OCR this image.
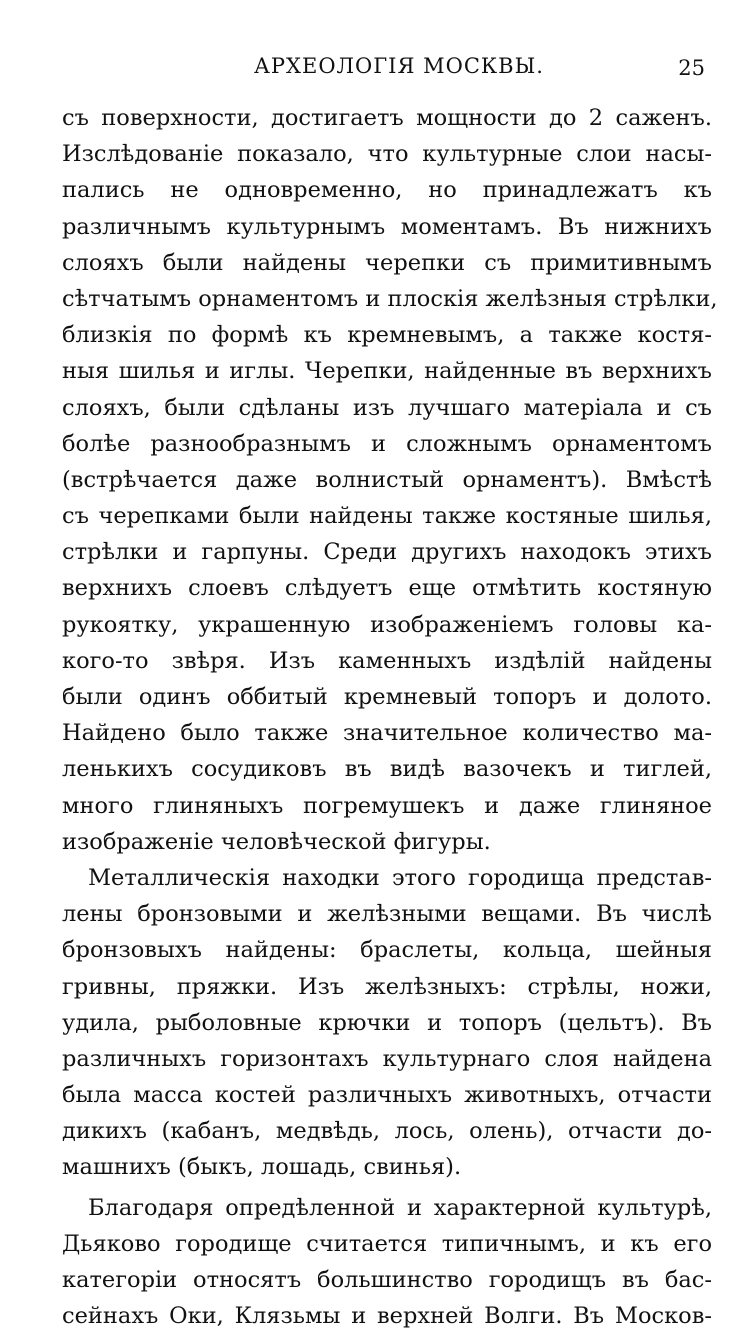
АРХЕОЛОГІЯ МОСКВЫ.	25
съ поверхности, достигаетъ мощности до 2 саженъ.
Изслѣдованіе показало, что культурные слои насы-
пались не одновременно, но принадлежатъ къ
различнымъ культурнымъ моментамъ. Въ нижнихъ
слояхъ были найдены черепки съ примитивнымъ
сѣтчатымъ орнаментомъ и плоскія желѣзныя стрѣлки,
близкія по формѣ къ кремневымъ, а также костя-
ныя шилья и иглы. Черепки, найденные въ верхнихъ
слояхъ, были сдѣланы изъ лучшаго матеріала и съ
болѣе разнообразнымъ и сложнымъ орнаментомъ
(встрѣчается даже волнистый орнаментъ). Вмѣстѣ
съ черепками были найдены также костяные шилья,
стрѣлки и гарпуны. Среди другихъ находокъ этихъ
верхнихъ слоевъ слѣдуетъ еще отмѣтить костяную
рукоятку, украшенную изображеніемъ головы ка-
кого-то звѣря. Изъ каменныхъ издѣлій найдены
были одинъ оббитый кремневый топоръ и долото.
Найдено было также значительное количество ма-
ленькихъ сосудиковъ въ видѣ вазочекъ и тиглей,
много глиняныхъ погремушекъ и даже глиняное
изображеніе человѣческой фигуры.
Металлическія находки этого городища представ-
лены бронзовыми и желѣзными вещами. Въ числѣ
бронзовыхъ найдены: браслеты, кольца, шейныя
гривны, пряжки. Изъ желѣзныхъ: стрѣлы, ножи,
удила, рыболовные крючки и топоръ (цельтъ). Въ
различныхъ горизонтахъ культурнаго слоя найдена
была масса костей различныхъ животныхъ, отчасти
дикихъ (кабанъ, медвѣдь, лось, олень), отчасти до-
машнихъ (быкъ, лошадь, свинья).
Благодаря опредѣленной и характерной культурѣ,
Дьяково городище считается типичнымъ, и къ его
категоріи относятъ большинство городищъ въ бас-
сейнахъ Оки, Клязьмы и верхней Волги. Въ Москов-
